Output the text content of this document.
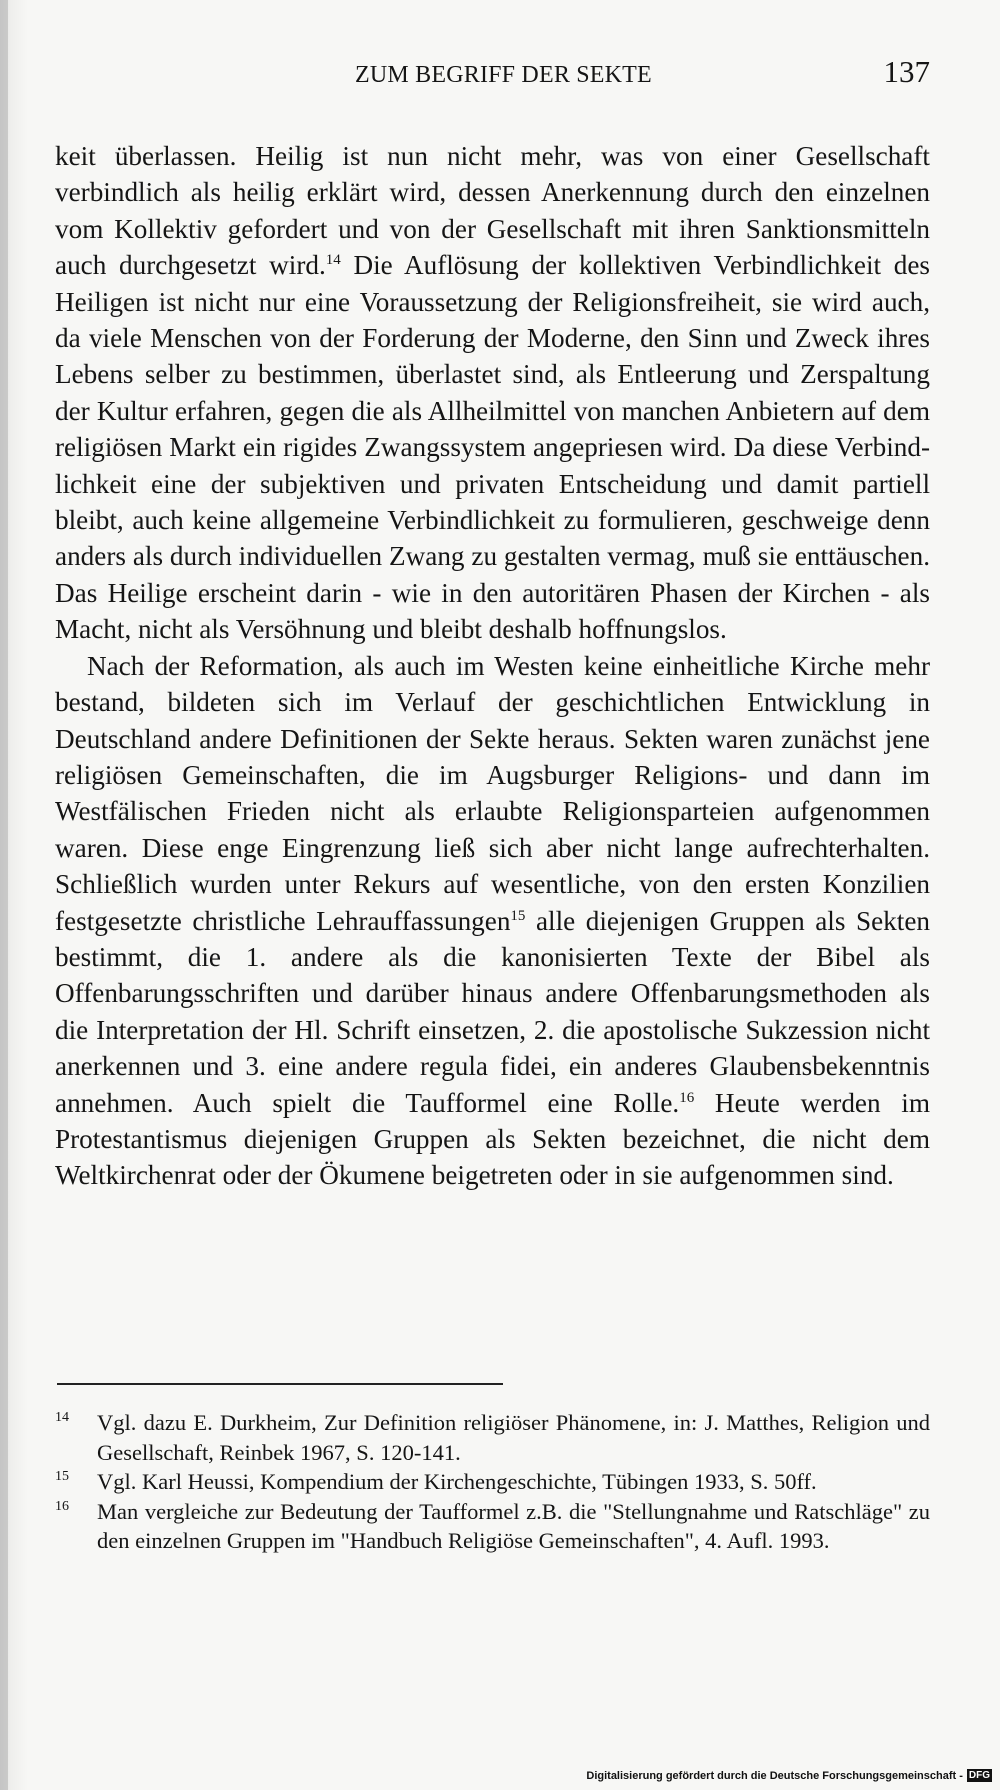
ZUM BEGRIFF DER SEKTE	137

keit überlassen. Heilig ist nun nicht mehr, was von einer Gesellschaft verbindlich als heilig erklärt wird, dessen Anerkennung durch den einzelnen vom Kollektiv gefordert und von der Gesellschaft mit ihren Sanktionsmitteln auch durchgesetzt wird.$^{14}$ Die Auflösung der kollektiven Verbindlichkeit des Heiligen ist nicht nur eine Voraussetzung der Religionsfreiheit, sie wird auch, da viele Menschen von der Forderung der Moderne, den Sinn und Zweck ihres Lebens selber zu bestimmen, überlastet sind, als Entleerung und Zerspaltung der Kultur erfahren, gegen die als Allheilmittel von manchen Anbietern auf dem religiösen Markt ein rigides Zwangssystem angepriesen wird. Da diese Verbindlichkeit eine der subjektiven und privaten Entscheidung und damit partiell bleibt, auch keine allgemeine Verbindlichkeit zu formulieren, geschweige denn anders als durch individuellen Zwang zu gestalten vermag, muß sie enttäuschen. Das Heilige erscheint darin - wie in den autoritären Phasen der Kirchen - als Macht, nicht als Versöhnung und bleibt deshalb hoffnungslos.

Nach der Reformation, als auch im Westen keine einheitliche Kirche mehr bestand, bildeten sich im Verlauf der geschichtlichen Entwicklung in Deutschland andere Definitionen der Sekte heraus. Sekten waren zunächst jene religiösen Gemeinschaften, die im Augsburger Religions- und dann im Westfälischen Frieden nicht als erlaubte Religionsparteien aufgenommen waren. Diese enge Eingrenzung ließ sich aber nicht lange aufrechterhalten. Schließlich wurden unter Rekurs auf wesentliche, von den ersten Konzilien festgesetzte christliche Lehrauffassungen$^{15}$ alle diejenigen Gruppen als Sekten bestimmt, die 1. andere als die kanonisierten Texte der Bibel als Offenbarungsschriften und darüber hinaus andere Offenbarungsmethoden als die Interpretation der Hl. Schrift einsetzen, 2. die apostolische Sukzession nicht anerkennen und 3. eine andere regula fidei, ein anderes Glaubensbekenntnis annehmen. Auch spielt die Taufformel eine Rolle.$^{16}$ Heute werden im Protestantismus diejenigen Gruppen als Sekten bezeichnet, die nicht dem Weltkirchenrat oder der Ökumene beigetreten oder in sie aufgenommen sind.

14	Vgl. dazu E. Durkheim, Zur Definition religiöser Phänomene, in: J. Matthes, Religion und Gesellschaft, Reinbek 1967, S. 120-141.
15	Vgl. Karl Heussi, Kompendium der Kirchengeschichte, Tübingen 1933, S. 50ff.
16	Man vergleiche zur Bedeutung der Taufformel z.B. die "Stellungnahme und Ratschläge" zu den einzelnen Gruppen im "Handbuch Religiöse Gemeinschaften", 4. Aufl. 1993.
Digitalisierung gefördert durch die Deutsche Forschungsgemeinschaft - DFG
